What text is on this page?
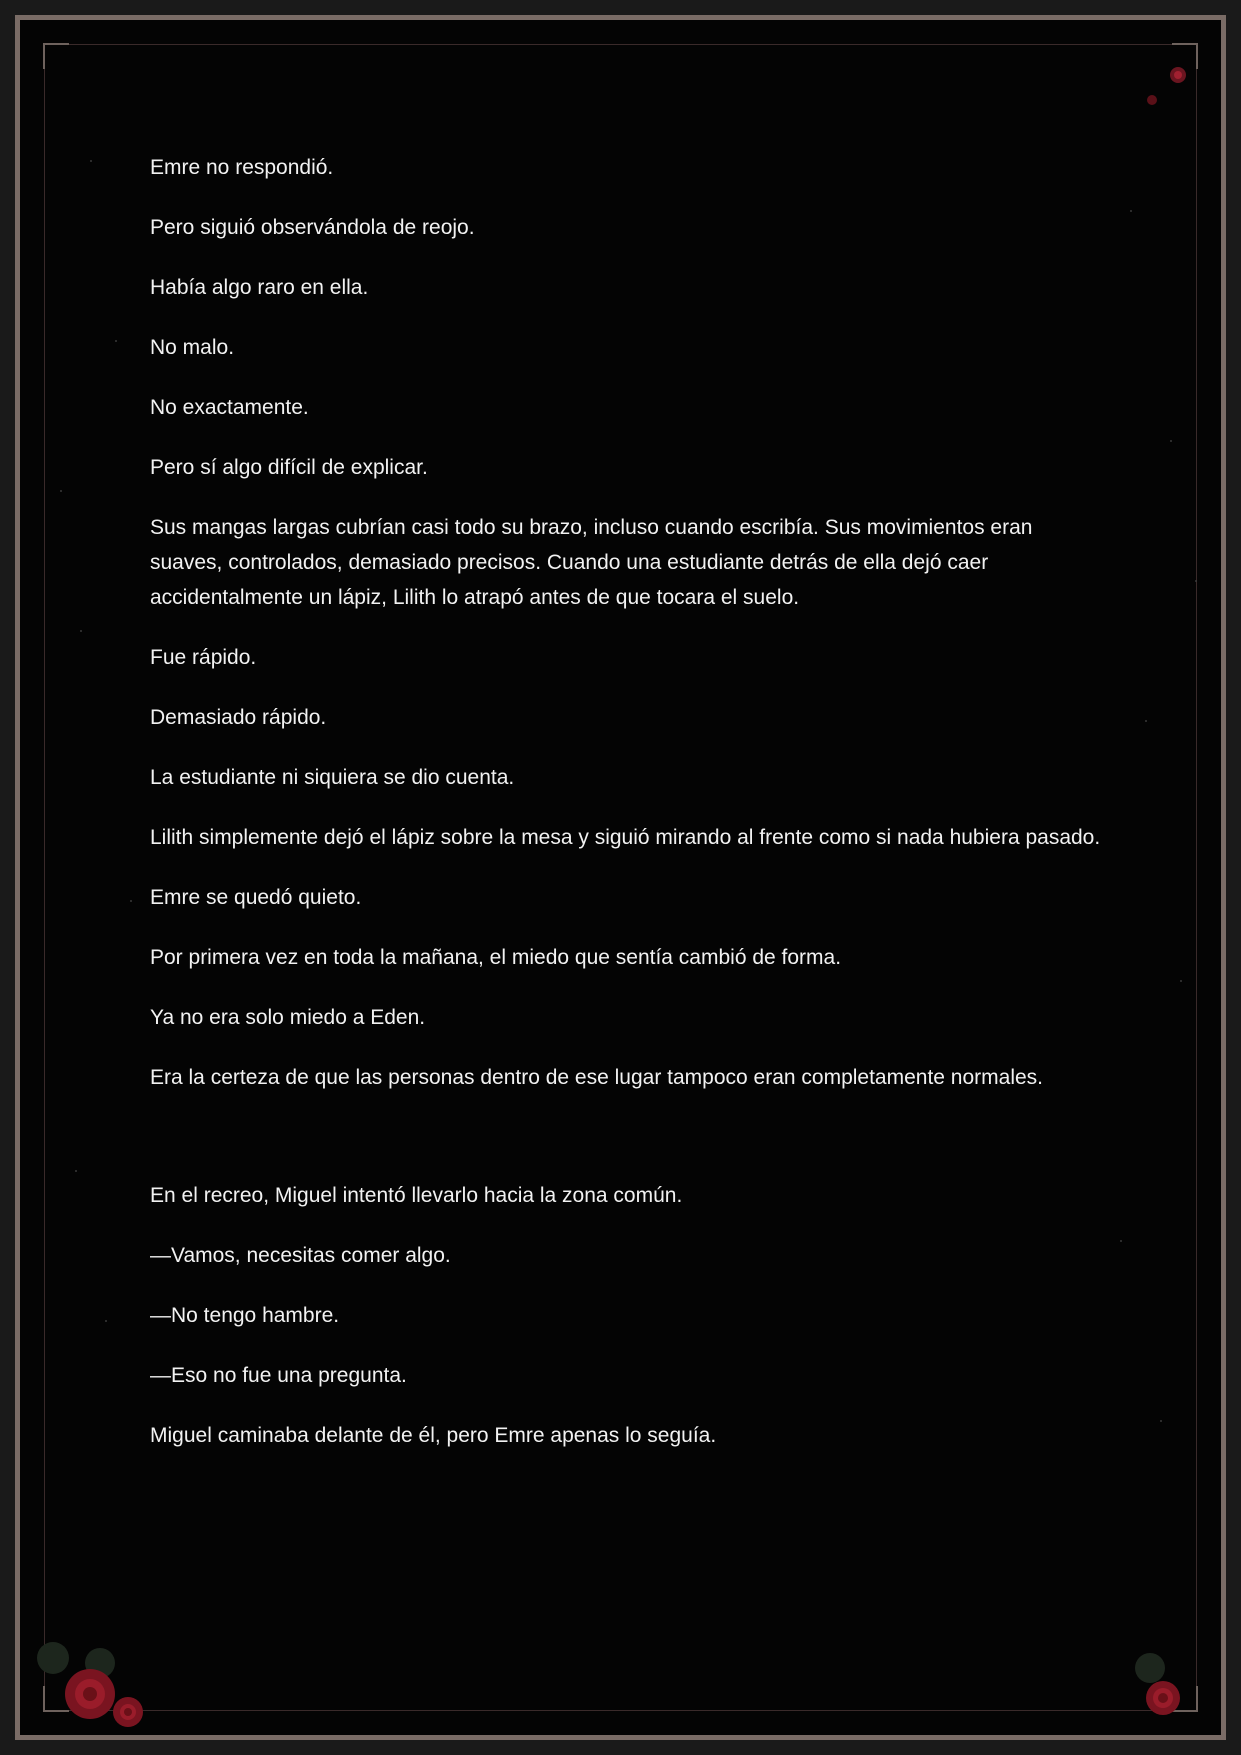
Emre no respondió.

Pero siguió observándola de reojo.

Había algo raro en ella.

No malo.

No exactamente.

Pero sí algo difícil de explicar.

Sus mangas largas cubrían casi todo su brazo, incluso cuando escribía. Sus movimientos eran suaves, controlados, demasiado precisos. Cuando una estudiante detrás de ella dejó caer accidentalmente un lápiz, Lilith lo atrapó antes de que tocara el suelo.

Fue rápido.

Demasiado rápido.

La estudiante ni siquiera se dio cuenta.

Lilith simplemente dejó el lápiz sobre la mesa y siguió mirando al frente como si nada hubiera pasado.

Emre se quedó quieto.

Por primera vez en toda la mañana, el miedo que sentía cambió de forma.

Ya no era solo miedo a Eden.

Era la certeza de que las personas dentro de ese lugar tampoco eran completamente normales.

En el recreo, Miguel intentó llevarlo hacia la zona común.

—Vamos, necesitas comer algo.

—No tengo hambre.

—Eso no fue una pregunta.

Miguel caminaba delante de él, pero Emre apenas lo seguía.
